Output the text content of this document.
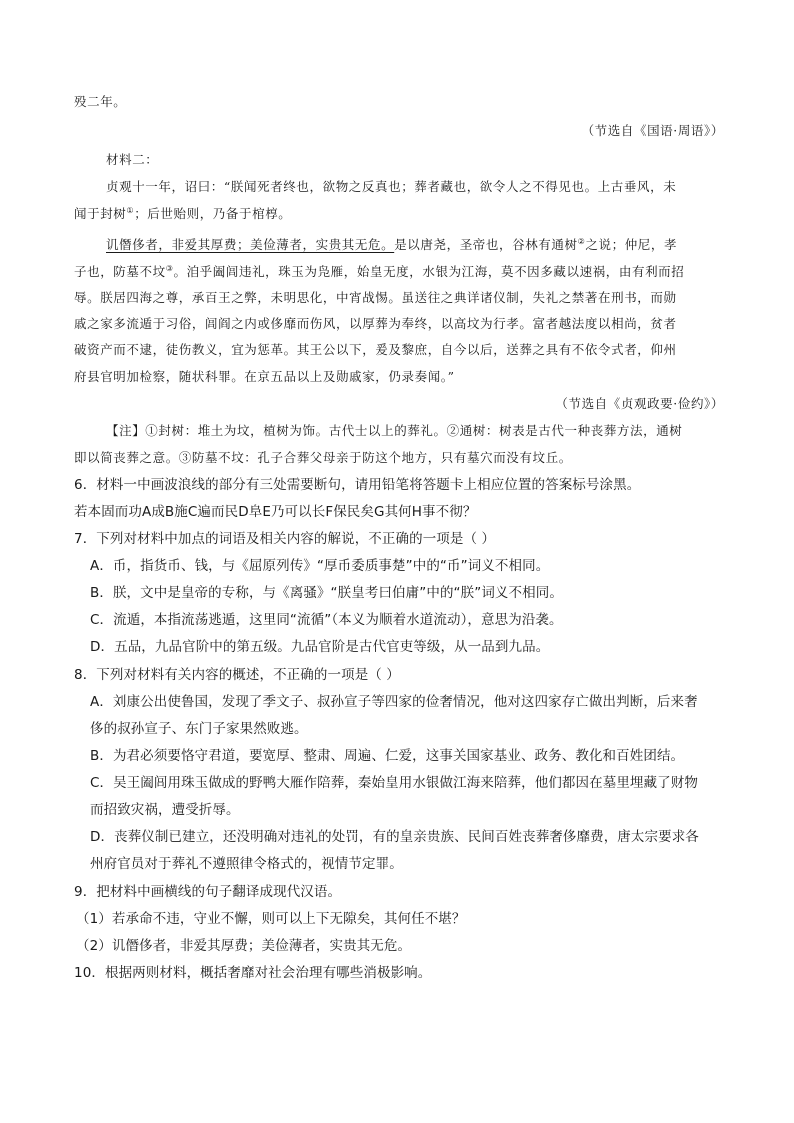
殁二年。
（节选自《国语·周语》）
材料二：
贞观十一年，诏曰：“朕闻死者终也，欲物之反真也；葬者藏也，欲令人之不得见也。上古垂风，未
闻于封树①；后世贻则，乃备于棺椁。
讥僭侈者，非爱其厚费；美俭薄者，实贵其无危。是以唐尧，圣帝也，谷林有通树②之说；仲尼，孝
子也，防墓不坟③。洎乎阖闾违礼，珠玉为凫雁，始皇无度，水银为江海，莫不因多藏以速祸，由有利而招
辱。朕居四海之尊，承百王之弊，未明思化，中宵战惕。虽送往之典详诸仪制，失礼之禁著在刑书，而勋
戚之家多流遁于习俗，闾阎之内或侈靡而伤风，以厚葬为奉终，以高坟为行孝。富者越法度以相尚，贫者
破资产而不逮，徒伤教义，宜为惩革。其王公以下，爰及黎庶，自今以后，送葬之具有不依令式者，仰州
府县官明加检察，随状科罪。在京五品以上及勋戚家，仍录奏闻。”
（节选自《贞观政要·俭约》）
【注】①封树：堆土为坟，植树为饰。古代士以上的葬礼。②通树：树表是古代一种丧葬方法，通树
即以简丧葬之意。③防墓不坟：孔子合葬父母亲于防这个地方，只有墓穴而没有坟丘。
6．材料一中画波浪线的部分有三处需要断句，请用铅笔将答题卡上相应位置的答案标号涂黑。
若本固而功A成B施C遍而民D阜E乃可以长F保民矣G其何H事不彻？
7．下列对材料中加点的词语及相关内容的解说，不正确的一项是（ ）
A．币，指货币、钱，与《屈原列传》“厚币委质事楚”中的“币”词义不相同。
B．朕，文中是皇帝的专称，与《离骚》“朕皇考曰伯庸”中的“朕”词义不相同。
C．流遁，本指流荡逃遁，这里同“流循”（本义为顺着水道流动），意思为沿袭。
D．五品，九品官阶中的第五级。九品官阶是古代官吏等级，从一品到九品。
8．下列对材料有关内容的概述，不正确的一项是（ ）
A．刘康公出使鲁国，发现了季文子、叔孙宣子等四家的俭奢情况，他对这四家存亡做出判断，后来奢
侈的叔孙宣子、东门子家果然败逃。
B．为君必须要恪守君道，要宽厚、整肃、周遍、仁爱，这事关国家基业、政务、教化和百姓团结。
C．吴王阖闾用珠玉做成的野鸭大雁作陪葬，秦始皇用水银做江海来陪葬，他们都因在墓里埋藏了财物
而招致灾祸，遭受折辱。
D．丧葬仪制已建立，还没明确对违礼的处罚，有的皇亲贵族、民间百姓丧葬奢侈靡费，唐太宗要求各
州府官员对于葬礼不遵照律令格式的，视情节定罪。
9．把材料中画横线的句子翻译成现代汉语。
（1）若承命不违，守业不懈，则可以上下无隙矣，其何任不堪？
（2）讥僭侈者，非爱其厚费；美俭薄者，实贵其无危。
10．根据两则材料，概括奢靡对社会治理有哪些消极影响。
